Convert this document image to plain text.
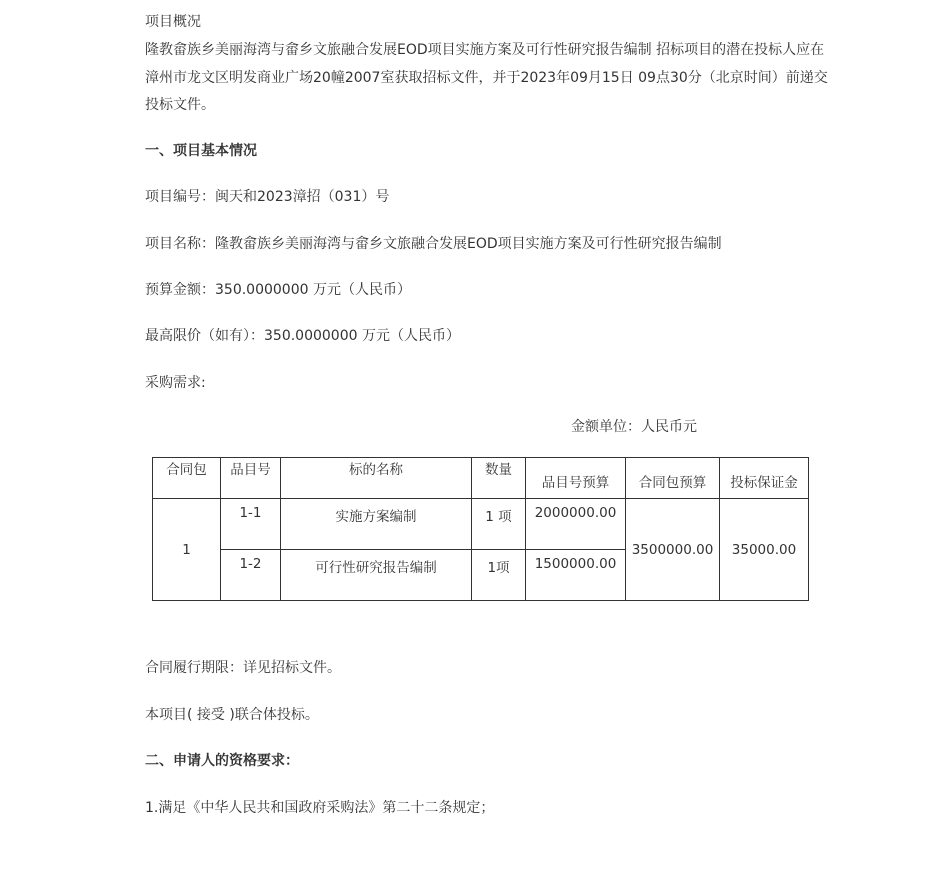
项目概况
隆教畲族乡美丽海湾与畲乡文旅融合发展EOD项目实施方案及可行性研究报告编制 招标项目的潜在投标人应在
漳州市龙文区明发商业广场20幢2007室获取招标文件，并于2023年09月15日 09点30分（北京时间）前递交
投标文件。
一、项目基本情况
项目编号：闽天和2023漳招（031）号
项目名称：隆教畲族乡美丽海湾与畲乡文旅融合发展EOD项目实施方案及可行性研究报告编制
预算金额：350.0000000 万元（人民币）
最高限价（如有）：350.0000000 万元（人民币）
采购需求:
金额单位：人民币元
合同包	品目号	标的名称	数量	品目号预算	合同包预算	投标保证金
1	1-1	实施方案编制	1 项	2000000.00	3500000.00	35000.00
	1-2	可行性研究报告编制	1项	1500000.00		
合同履行期限：详见招标文件。
本项目( 接受 )联合体投标。
二、申请人的资格要求：
1.满足《中华人民共和国政府采购法》第二十二条规定；
